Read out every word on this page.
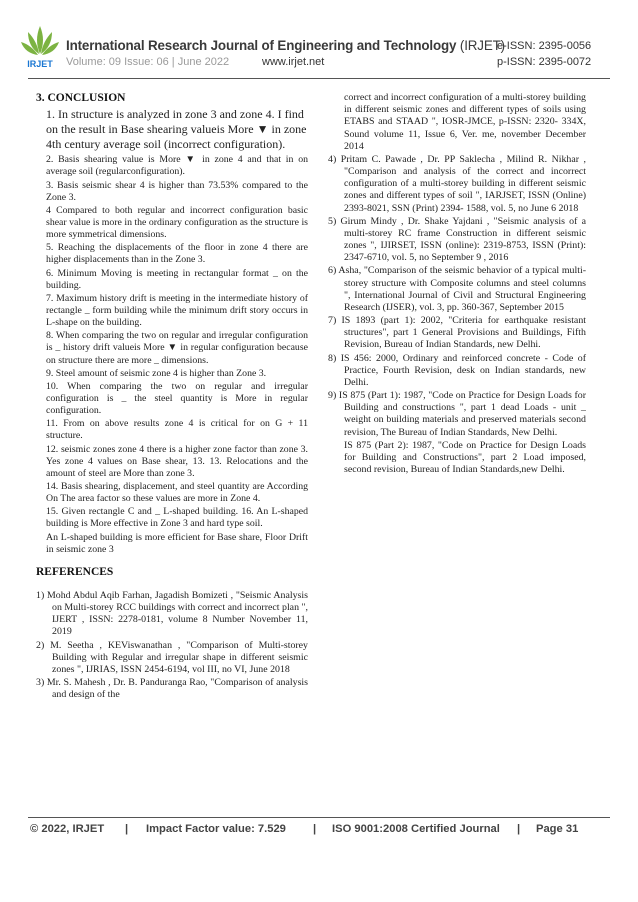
IRJET
International Research Journal of Engineering and Technology (IRJET)
e-ISSN: 2395-0056
Volume: 09 Issue: 06 | June 2022	www.irjet.net	p-ISSN: 2395-0072
3. CONCLUSION
1. In structure is analyzed in zone 3 and zone 4. I find on the result in Base shearing valueis More ▼ in zone 4th century average soil (incorrect configuration).
2. Basis shearing value is More ▼ in zone 4 and that in on average soil (regularconfiguration).
3. Basis seismic shear 4 is higher than 73.53% compared to the Zone 3.
4 Compared to both regular and incorrect configuration basic shear value is more in the ordinary configuration as the structure is more symmetrical dimensions.
5. Reaching the displacements of the floor in zone 4 there are higher displacements than in the Zone 3.
6. Minimum Moving is meeting in rectangular format _ on the building.
7. Maximum history drift is meeting in the intermediate history of rectangle _ form building while the minimum drift story occurs in L-shape on the building.
8. When comparing the two on regular and irregular configuration is _ history drift valueis More ▼ in regular configuration because on structure there are more _ dimensions.
9. Steel amount of seismic zone 4 is higher than Zone 3.
10. When comparing the two on regular and irregular configuration is _ the steel quantity is More in regular configuration.
11. From on above results zone 4 is critical for on G + 11 structure.
12. seismic zones zone 4 there is a higher zone factor than zone 3. Yes zone 4 values on Base shear, 13. 13. Relocations and the amount of steel are More than zone 3.
14. Basis shearing, displacement, and steel quantity are According On The area factor so these values are more in Zone 4.
15. Given rectangle C and _ L-shaped building. 16. An L-shaped building is More effective in Zone 3 and hard type soil.
An L-shaped building is more efficient for Base share, Floor Drift in seismic zone 3
REFERENCES
1) Mohd Abdul Aqib Farhan, Jagadish Bomizeti , "Seismic Analysis on Multi-storey RCC buildings with correct and incorrect plan ", IJERT , ISSN: 2278-0181, volume 8 Number November 11, 2019
2) M. Seetha , KEViswanathan , "Comparison of Multi-storey Building with Regular and irregular shape in different seismic zones ", IJRIAS, ISSN 2454-6194, vol III, no VI, June 2018
3) Mr. S. Mahesh , Dr. B. Panduranga Rao, "Comparison of analysis and design of the
correct and incorrect configuration of a multi-storey building in different seismic zones and different types of soils using ETABS and STAAD ", IOSR-JMCE, p-ISSN: 2320- 334X, Sound volume 11, Issue 6, Ver. me, november December 2014
4) Pritam C. Pawade , Dr. PP Saklecha , Milind R. Nikhar , "Comparison and analysis of the correct and incorrect configuration of a multi-storey building in different seismic zones and different types of soil ", IARJSET, ISSN (Online) 2393-8021, SSN (Print) 2394- 1588, vol. 5, no June 6 2018
5) Girum Mindy , Dr. Shake Yajdani , "Seismic analysis of a multi-storey RC frame Construction in different seismic zones ", IJIRSET, ISSN (online): 2319-8753, ISSN (Print): 2347-6710, vol. 5, no September 9 , 2016
6) Asha, "Comparison of the seismic behavior of a typical multi-storey structure with Composite columns and steel columns ", International Journal of Civil and Structural Engineering Research (IJSER), vol. 3, pp. 360-367, September 2015
7) IS 1893 (part 1): 2002, "Criteria for earthquake resistant structures", part 1 General Provisions and Buildings, Fifth Revision, Bureau of Indian Standards, new Delhi.
8) IS 456: 2000, Ordinary and reinforced concrete - Code of Practice, Fourth Revision, desk on Indian standards, new Delhi.
9) IS 875 (Part 1): 1987, "Code on Practice for Design Loads for Building and constructions ", part 1 dead Loads - unit _ weight on building materials and preserved materials second revision, The Bureau of Indian Standards, New Delhi.
IS 875 (Part 2): 1987, "Code on Practice for Design Loads for Building and Constructions", part 2 Load imposed, second revision, Bureau of Indian Standards,new Delhi.
© 2022, IRJET | Impact Factor value: 7.529 | ISO 9001:2008 Certified Journal | Page 31
